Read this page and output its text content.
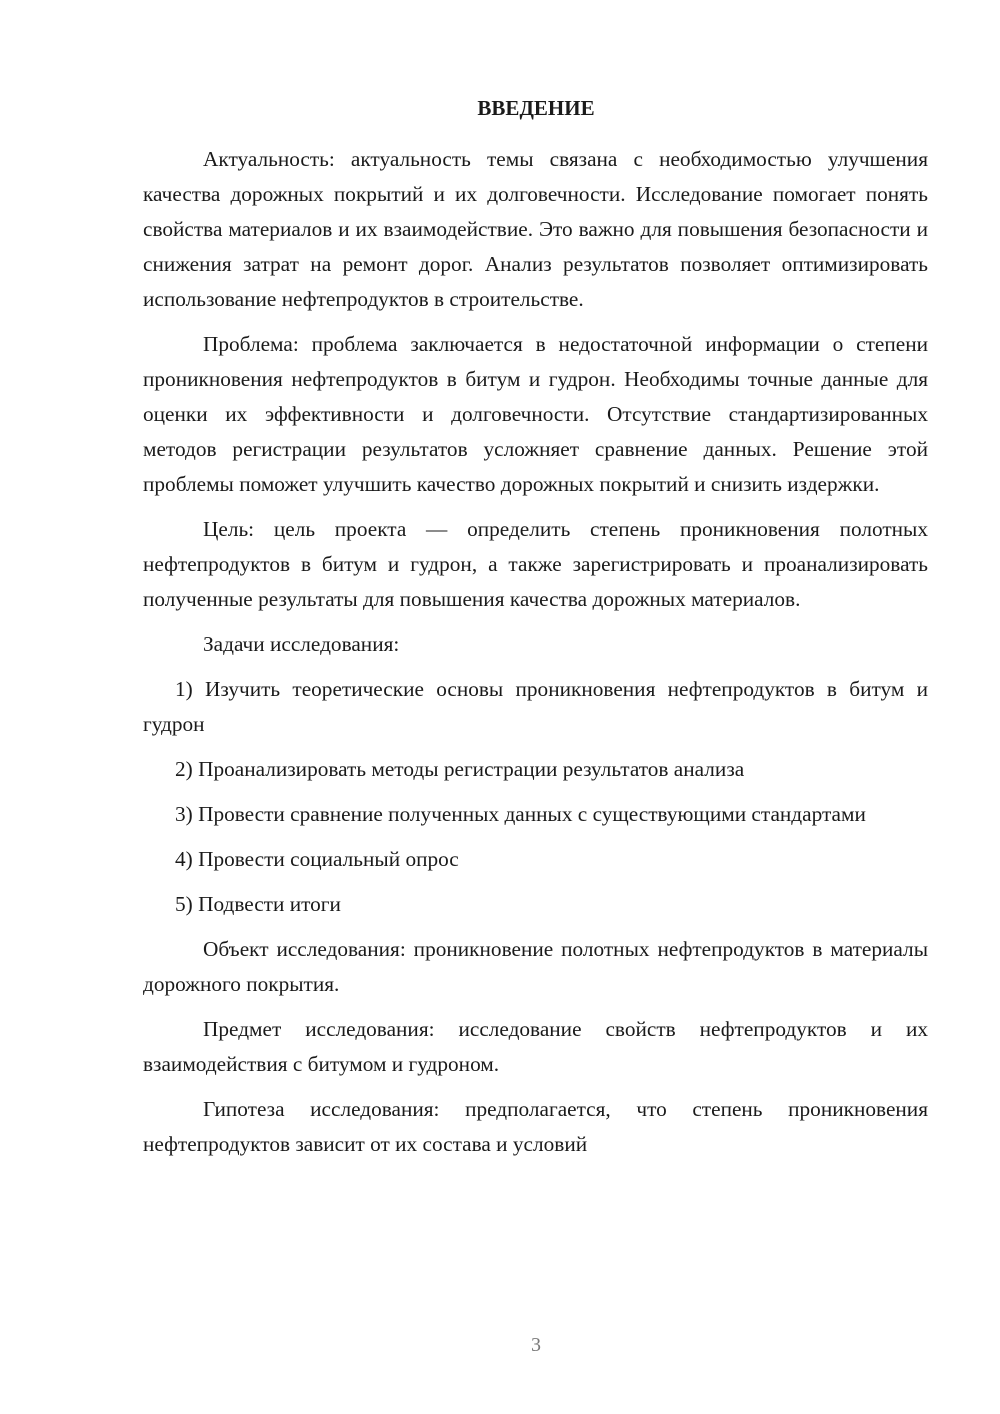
ВВЕДЕНИЕ

Актуальность: актуальность темы связана с необходимостью улучшения качества дорожных покрытий и их долговечности. Исследование помогает понять свойства материалов и их взаимодействие. Это важно для повышения безопасности и снижения затрат на ремонт дорог. Анализ результатов позволяет оптимизировать использование нефтепродуктов в строительстве.

Проблема: проблема заключается в недостаточной информации о степени проникновения нефтепродуктов в битум и гудрон. Необходимы точные данные для оценки их эффективности и долговечности. Отсутствие стандартизированных методов регистрации результатов усложняет сравнение данных. Решение этой проблемы поможет улучшить качество дорожных покрытий и снизить издержки.

Цель: цель проекта — определить степень проникновения полотных нефтепродуктов в битум и гудрон, а также зарегистрировать и проанализировать полученные результаты для повышения качества дорожных материалов.

Задачи исследования:

1) Изучить теоретические основы проникновения нефтепродуктов в битум и гудрон

2) Проанализировать методы регистрации результатов анализа

3) Провести сравнение полученных данных с существующими стандартами

4) Провести социальный опрос

5) Подвести итоги

Объект исследования: проникновение полотных нефтепродуктов в материалы дорожного покрытия.

Предмет исследования: исследование свойств нефтепродуктов и их взаимодействия с битумом и гудроном.

Гипотеза исследования: предполагается, что степень проникновения нефтепродуктов зависит от их состава и условий

3
